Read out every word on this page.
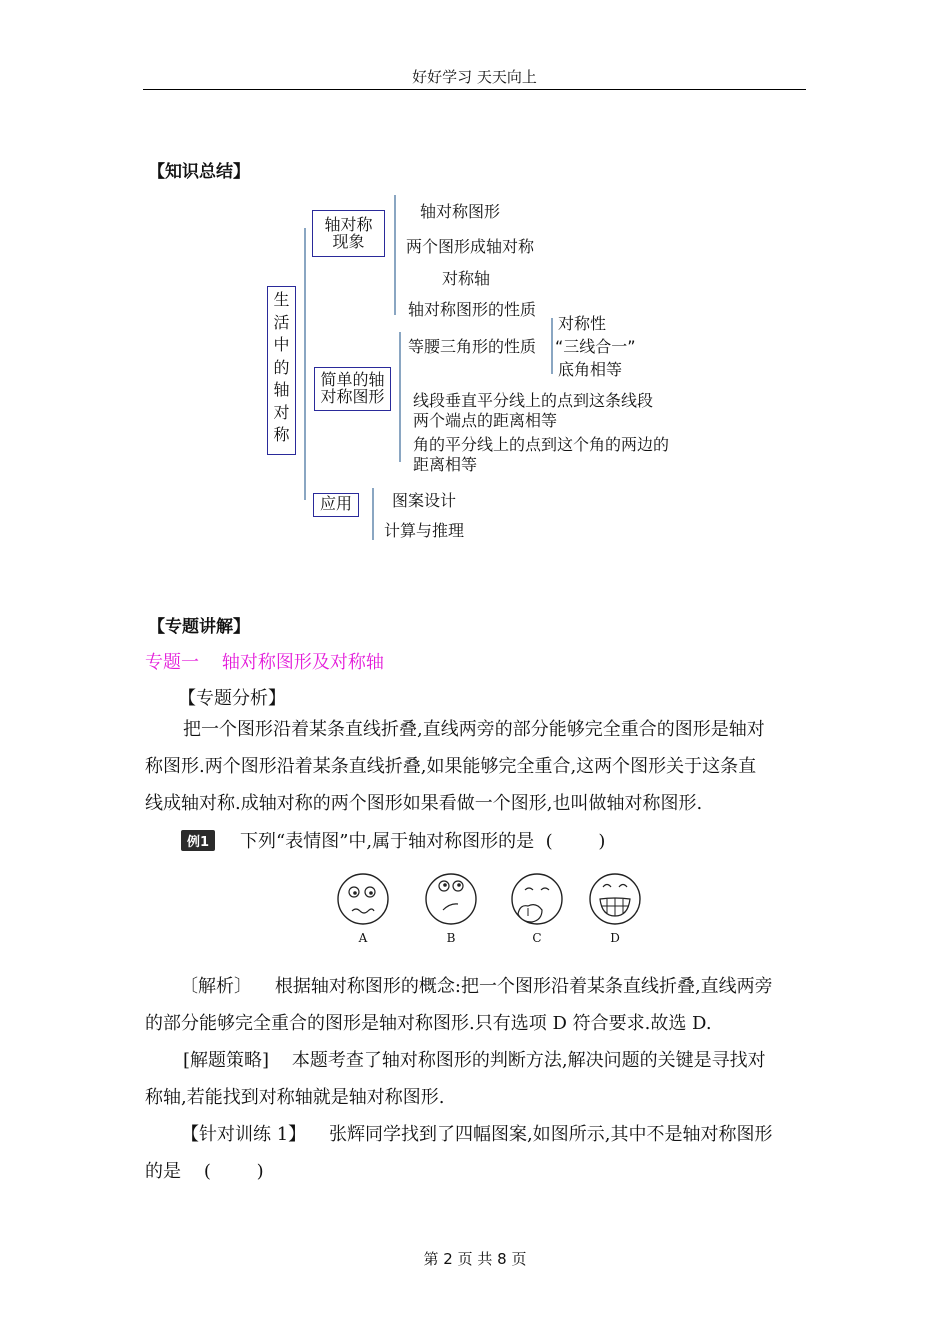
好好学习 天天向上
【知识总结】
生
活
中
的
轴
对
称
轴对称
现象
轴对称图形
两个图形成轴对称
对称轴
轴对称图形的性质
简单的轴
对称图形
等腰三角形的性质
对称性
“三线合一”
底角相等
线段垂直平分线上的点到这条线段
两个端点的距离相等
角的平分线上的点到这个角的两边的
距离相等
应用	图案设计
计算与推理
【专题讲解】
专题一    轴对称图形及对称轴
【专题分析】
把一个图形沿着某条直线折叠,直线两旁的部分能够完全重合的图形是轴对
称图形.两个图形沿着某条直线折叠,如果能够完全重合,这两个图形关于这条直
线成轴对称.成轴对称的两个图形如果看做一个图形,也叫做轴对称图形.
例1	下列“表情图”中,属于轴对称图形的是  (        )
A	B	C	D
〔解析〕    根据轴对称图形的概念:把一个图形沿着某条直线折叠,直线两旁
的部分能够完全重合的图形是轴对称图形.只有选项 D 符合要求.故选 D.
[解题策略]    本题考查了轴对称图形的判断方法,解决问题的关键是寻找对
称轴,若能找到对称轴就是轴对称图形.
【针对训练 1】    张辉同学找到了四幅图案,如图所示,其中不是轴对称图形
的是    (        )
第 2 页 共 8 页
